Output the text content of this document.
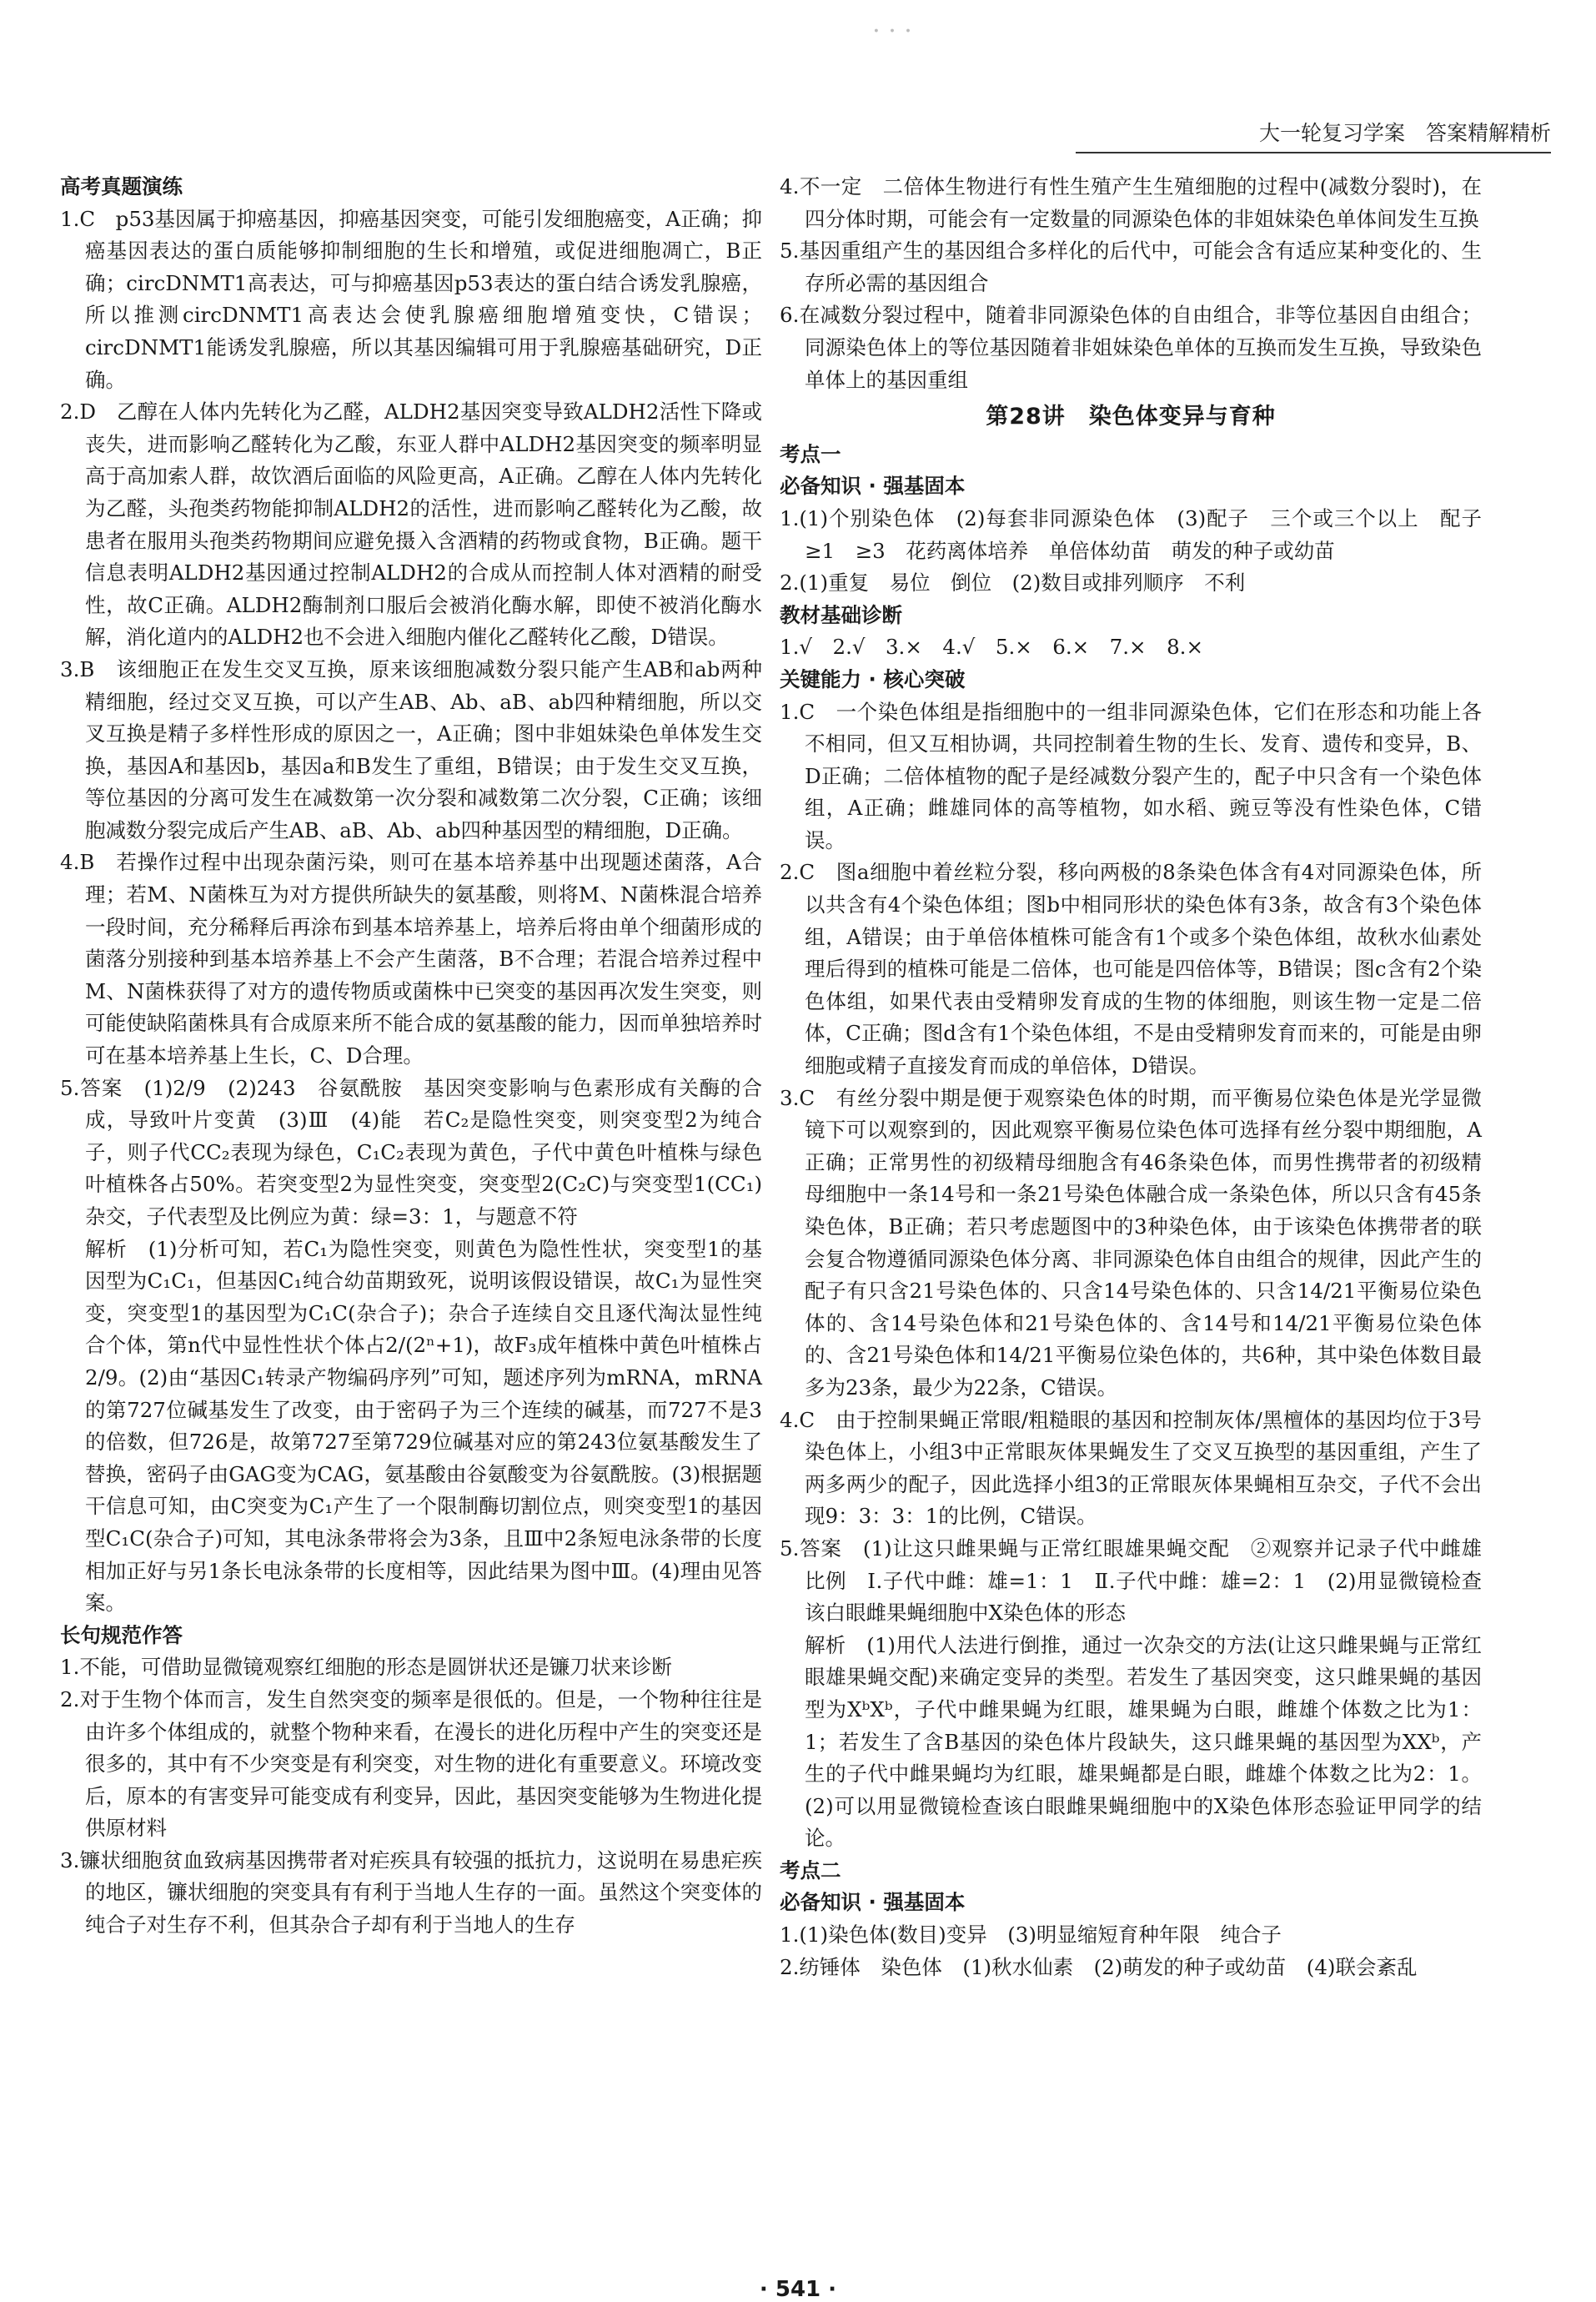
· · ·
大一轮复习学案　答案精解精析

高考真题演练

1.C　p53基因属于抑癌基因，抑癌基因突变，可能引发细胞癌变，A正确；抑癌基因表达的蛋白质能够抑制细胞的生长和增殖，或促进细胞凋亡，B正确；circDNMT1高表达，可与抑癌基因p53表达的蛋白结合诱发乳腺癌，所以推测circDNMT1高表达会使乳腺癌细胞增殖变快，C错误；circDNMT1能诱发乳腺癌，所以其基因编辑可用于乳腺癌基础研究，D正确。

2.D　乙醇在人体内先转化为乙醛，ALDH2基因突变导致ALDH2活性下降或丧失，进而影响乙醛转化为乙酸，东亚人群中ALDH2基因突变的频率明显高于高加索人群，故饮酒后面临的风险更高，A正确。乙醇在人体内先转化为乙醛，头孢类药物能抑制ALDH2的活性，进而影响乙醛转化为乙酸，故患者在服用头孢类药物期间应避免摄入含酒精的药物或食物，B正确。题干信息表明ALDH2基因通过控制ALDH2的合成从而控制人体对酒精的耐受性，故C正确。ALDH2酶制剂口服后会被消化酶水解，即使不被消化酶水解，消化道内的ALDH2也不会进入细胞内催化乙醛转化乙酸，D错误。

3.B　该细胞正在发生交叉互换，原来该细胞减数分裂只能产生AB和ab两种精细胞，经过交叉互换，可以产生AB、Ab、aB、ab四种精细胞，所以交叉互换是精子多样性形成的原因之一，A正确；图中非姐妹染色单体发生交换，基因A和基因b，基因a和B发生了重组，B错误；由于发生交叉互换，等位基因的分离可发生在减数第一次分裂和减数第二次分裂，C正确；该细胞减数分裂完成后产生AB、aB、Ab、ab四种基因型的精细胞，D正确。

4.B　若操作过程中出现杂菌污染，则可在基本培养基中出现题述菌落，A合理；若M、N菌株互为对方提供所缺失的氨基酸，则将M、N菌株混合培养一段时间，充分稀释后再涂布到基本培养基上，培养后将由单个细菌形成的菌落分别接种到基本培养基上不会产生菌落，B不合理；若混合培养过程中M、N菌株获得了对方的遗传物质或菌株中已突变的基因再次发生突变，则可能使缺陷菌株具有合成原来所不能合成的氨基酸的能力，因而单独培养时可在基本培养基上生长，C、D合理。

5.答案　(1)2/9　(2)243　谷氨酰胺　基因突变影响与色素形成有关酶的合成，导致叶片变黄　(3)Ⅲ　(4)能　若C₂是隐性突变，则突变型2为纯合子，则子代CC₂表现为绿色，C₁C₂表现为黄色，子代中黄色叶植株与绿色叶植株各占50%。若突变型2为显性突变，突变型2(C₂C)与突变型1(CC₁)杂交，子代表型及比例应为黄：绿=3：1，与题意不符

解析　(1)分析可知，若C₁为隐性突变，则黄色为隐性性状，突变型1的基因型为C₁C₁，但基因C₁纯合幼苗期致死，说明该假设错误，故C₁为显性突变，突变型1的基因型为C₁C(杂合子)；杂合子连续自交且逐代淘汰显性纯合个体，第n代中显性性状个体占2/(2ⁿ+1)，故F₃成年植株中黄色叶植株占2/9。(2)由“基因C₁转录产物编码序列”可知，题述序列为mRNA，mRNA的第727位碱基发生了改变，由于密码子为三个连续的碱基，而727不是3的倍数，但726是，故第727至第729位碱基对应的第243位氨基酸发生了替换，密码子由GAG变为CAG，氨基酸由谷氨酸变为谷氨酰胺。(3)根据题干信息可知，由C突变为C₁产生了一个限制酶切割位点，则突变型1的基因型C₁C(杂合子)可知，其电泳条带将会为3条，且Ⅲ中2条短电泳条带的长度相加正好与另1条长电泳条带的长度相等，因此结果为图中Ⅲ。(4)理由见答案。

长句规范作答

1.不能，可借助显微镜观察红细胞的形态是圆饼状还是镰刀状来诊断

2.对于生物个体而言，发生自然突变的频率是很低的。但是，一个物种往往是由许多个体组成的，就整个物种来看，在漫长的进化历程中产生的突变还是很多的，其中有不少突变是有利突变，对生物的进化有重要意义。环境改变后，原本的有害变异可能变成有利变异，因此，基因突变能够为生物进化提供原材料

3.镰状细胞贫血致病基因携带者对疟疾具有较强的抵抗力，这说明在易患疟疾的地区，镰状细胞的突变具有有利于当地人生存的一面。虽然这个突变体的纯合子对生存不利，但其杂合子却有利于当地人的生存

4.不一定　二倍体生物进行有性生殖产生生殖细胞的过程中(减数分裂时)，在四分体时期，可能会有一定数量的同源染色体的非姐妹染色单体间发生互换

5.基因重组产生的基因组合多样化的后代中，可能会含有适应某种变化的、生存所必需的基因组合

6.在减数分裂过程中，随着非同源染色体的自由组合，非等位基因自由组合；同源染色体上的等位基因随着非姐妹染色单体的互换而发生互换，导致染色单体上的基因重组

第28讲　染色体变异与育种

考点一

必备知识 · 强基固本

1.(1)个别染色体　(2)每套非同源染色体　(3)配子　三个或三个以上　配子　≥1　≥3　花药离体培养　单倍体幼苗　萌发的种子或幼苗

2.(1)重复　易位　倒位　(2)数目或排列顺序　不利

教材基础诊断

1.√　2.√　3.×　4.√　5.×　6.×　7.×　8.×

关键能力 · 核心突破

1.C　一个染色体组是指细胞中的一组非同源染色体，它们在形态和功能上各不相同，但又互相协调，共同控制着生物的生长、发育、遗传和变异，B、D正确；二倍体植物的配子是经减数分裂产生的，配子中只含有一个染色体组，A正确；雌雄同体的高等植物，如水稻、豌豆等没有性染色体，C错误。

2.C　图a细胞中着丝粒分裂，移向两极的8条染色体含有4对同源染色体，所以共含有4个染色体组；图b中相同形状的染色体有3条，故含有3个染色体组，A错误；由于单倍体植株可能含有1个或多个染色体组，故秋水仙素处理后得到的植株可能是二倍体，也可能是四倍体等，B错误；图c含有2个染色体组，如果代表由受精卵发育成的生物的体细胞，则该生物一定是二倍体，C正确；图d含有1个染色体组，不是由受精卵发育而来的，可能是由卵细胞或精子直接发育而成的单倍体，D错误。

3.C　有丝分裂中期是便于观察染色体的时期，而平衡易位染色体是光学显微镜下可以观察到的，因此观察平衡易位染色体可选择有丝分裂中期细胞，A正确；正常男性的初级精母细胞含有46条染色体，而男性携带者的初级精母细胞中一条14号和一条21号染色体融合成一条染色体，所以只含有45条染色体，B正确；若只考虑题图中的3种染色体，由于该染色体携带者的联会复合物遵循同源染色体分离、非同源染色体自由组合的规律，因此产生的配子有只含21号染色体的、只含14号染色体的、只含14/21平衡易位染色体的、含14号染色体和21号染色体的、含14号和14/21平衡易位染色体的、含21号染色体和14/21平衡易位染色体的，共6种，其中染色体数目最多为23条，最少为22条，C错误。

4.C　由于控制果蝇正常眼/粗糙眼的基因和控制灰体/黑檀体的基因均位于3号染色体上，小组3中正常眼灰体果蝇发生了交叉互换型的基因重组，产生了两多两少的配子，因此选择小组3的正常眼灰体果蝇相互杂交，子代不会出现9：3：3：1的比例，C错误。

5.答案　(1)让这只雌果蝇与正常红眼雄果蝇交配　②观察并记录子代中雌雄比例　Ⅰ.子代中雌：雄=1：1　Ⅱ.子代中雌：雄=2：1　(2)用显微镜检查该白眼雌果蝇细胞中X染色体的形态

解析　(1)用代人法进行倒推，通过一次杂交的方法(让这只雌果蝇与正常红眼雄果蝇交配)来确定变异的类型。若发生了基因突变，这只雌果蝇的基因型为XᵇXᵇ，子代中雌果蝇为红眼，雄果蝇为白眼，雌雄个体数之比为1：1；若发生了含B基因的染色体片段缺失，这只雌果蝇的基因型为XXᵇ，产生的子代中雌果蝇均为红眼，雄果蝇都是白眼，雌雄个体数之比为2：1。(2)可以用显微镜检查该白眼雌果蝇细胞中的X染色体形态验证甲同学的结论。

考点二

必备知识 · 强基固本

1.(1)染色体(数目)变异　(3)明显缩短育种年限　纯合子

2.纺锤体　染色体　(1)秋水仙素　(2)萌发的种子或幼苗　(4)联会紊乱

· 541 ·
